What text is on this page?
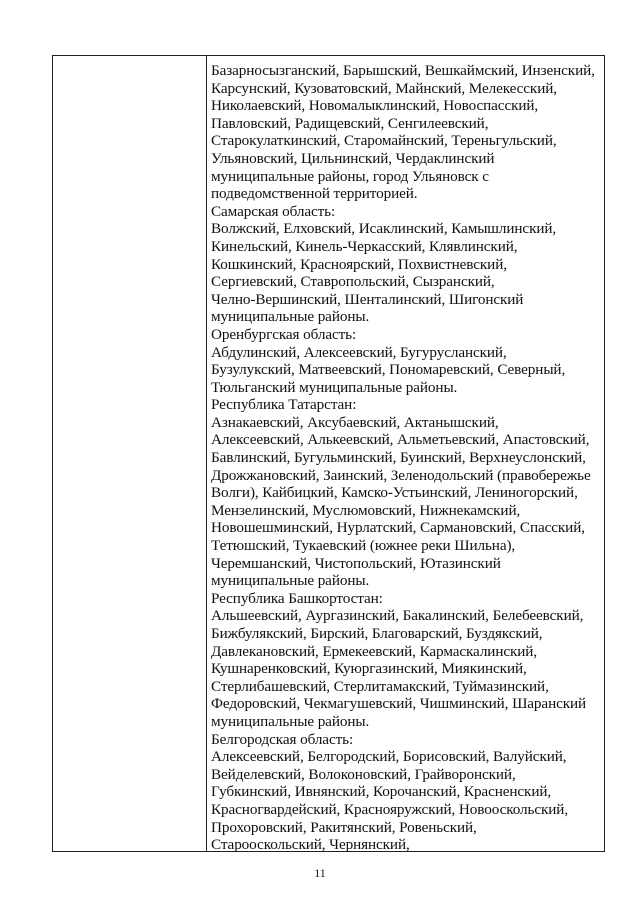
Базарносызганский, Барышский, Вешкаймский, Инзенский,
Карсунский, Кузоватовский, Майнский, Мелекесский,
Николаевский, Новомалыклинский, Новоспасский,
Павловский, Радищевский, Сенгилеевский,
Старокулаткинский, Старомайнский, Тереньгульский,
Ульяновский, Цильнинский, Чердаклинский
муниципальные районы, город Ульяновск с
подведомственной территорией.
Самарская область:
Волжский, Елховский, Исаклинский, Камышлинский,
Кинельский, Кинель-Черкасский, Клявлинский,
Кошкинский, Красноярский, Похвистневский,
Сергиевский, Ставропольский, Сызранский,
Челно-Вершинский, Шенталинский, Шигонский
муниципальные районы.
Оренбургская область:
Абдулинский, Алексеевский, Бугурусланский,
Бузулукский, Матвеевский, Пономаревский, Северный,
Тюльганский муниципальные районы.
Республика Татарстан:
Азнакаевский, Аксубаевский, Актанышский,
Алексеевский, Алькеевский, Альметьевский, Апастовский,
Бавлинский, Бугульминский, Буинский, Верхнеуслонский,
Дрожжановский, Заинский, Зеленодольский (правобережье
Волги), Кайбицкий, Камско-Устьинский, Лениногорский,
Мензелинский, Муслюмовский, Нижнекамский,
Новошешминский, Нурлатский, Сармановский, Спасский,
Тетюшский, Тукаевский (южнее реки Шильна),
Черемшанский, Чистопольский, Ютазинский
муниципальные районы.
Республика Башкортостан:
Альшеевский, Аургазинский, Бакалинский, Белебеевский,
Бижбулякский, Бирский, Благоварский, Буздякский,
Давлекановский, Ермекеевский, Кармаскалинский,
Кушнаренковский, Куюргазинский, Миякинский,
Стерлибашевский, Стерлитамакский, Туймазинский,
Федоровский, Чекмагушевский, Чишминский, Шаранский
муниципальные районы.
Белгородская область:
Алексеевский, Белгородский, Борисовский, Валуйский,
Вейделевский, Волоконовский, Грайворонский,
Губкинский, Ивнянский, Корочанский, Красненский,
Красногвардейский, Краснояружский, Новооскольский,
Прохоровский, Ракитянский, Ровеньский,
Старооскольский, Чернянский,
11
